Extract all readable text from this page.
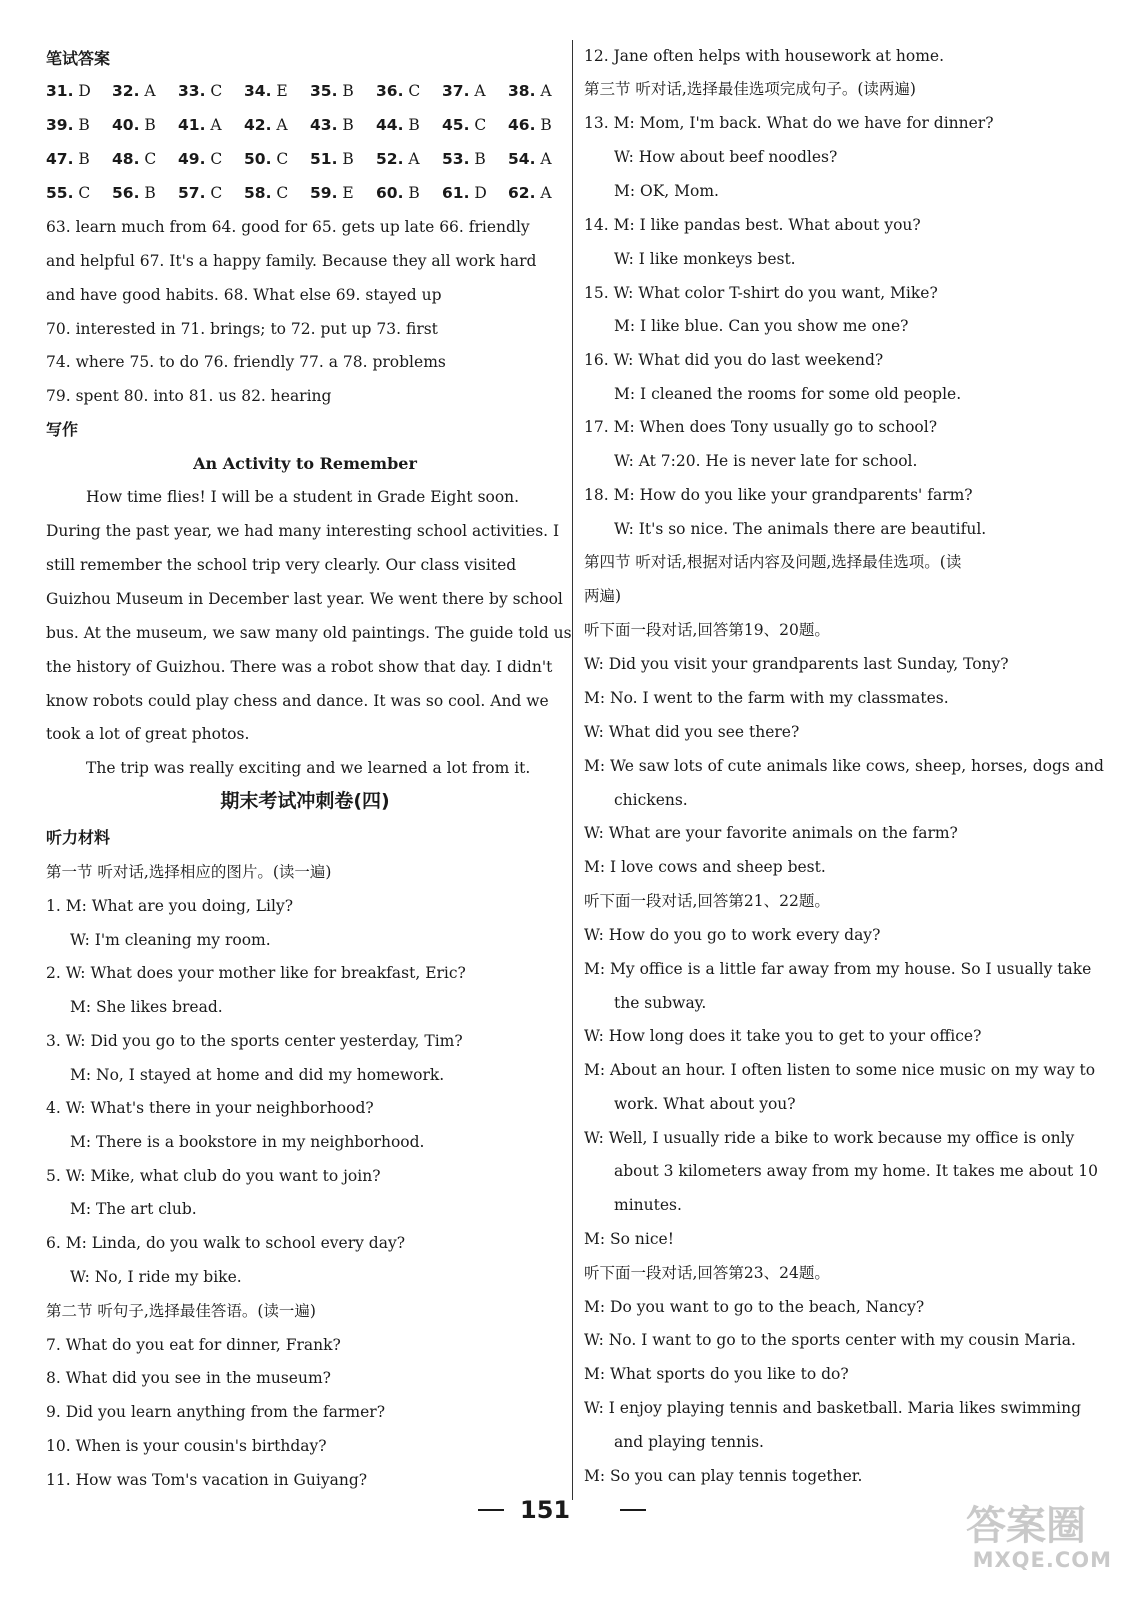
笔试答案
31. D 32. A 33. C 34. E 35. B 36. C 37. A 38. A
39. B 40. B 41. A 42. A 43. B 44. B 45. C 46. B
47. B 48. C 49. C 50. C 51. B 52. A 53. B 54. A
55. C 56. B 57. C 58. C 59. E 60. B 61. D 62. A
63. learn much from 64. good for 65. gets up late 66. friendly
and helpful 67. It's a happy family. Because they all work hard
and have good habits. 68. What else 69. stayed up
70. interested in 71. brings; to 72. put up 73. first
74. where 75. to do 76. friendly 77. a 78. problems
79. spent 80. into 81. us 82. hearing
写作
An Activity to Remember
How time flies! I will be a student in Grade Eight soon.
During the past year, we had many interesting school activities. I
still remember the school trip very clearly. Our class visited
Guizhou Museum in December last year. We went there by school
bus. At the museum, we saw many old paintings. The guide told us
the history of Guizhou. There was a robot show that day. I didn't
know robots could play chess and dance. It was so cool. And we
took a lot of great photos.
The trip was really exciting and we learned a lot from it.
期末考试冲刺卷(四)
听力材料
第一节 听对话,选择相应的图片。(读一遍)
1. M: What are you doing, Lily?
W: I'm cleaning my room.
2. W: What does your mother like for breakfast, Eric?
M: She likes bread.
3. W: Did you go to the sports center yesterday, Tim?
M: No, I stayed at home and did my homework.
4. W: What's there in your neighborhood?
M: There is a bookstore in my neighborhood.
5. W: Mike, what club do you want to join?
M: The art club.
6. M: Linda, do you walk to school every day?
W: No, I ride my bike.
第二节 听句子,选择最佳答语。(读一遍)
7. What do you eat for dinner, Frank?
8. What did you see in the museum?
9. Did you learn anything from the farmer?
10. When is your cousin's birthday?
11. How was Tom's vacation in Guiyang?
12. Jane often helps with housework at home.
第三节 听对话,选择最佳选项完成句子。(读两遍)
13. M: Mom, I'm back. What do we have for dinner?
W: How about beef noodles?
M: OK, Mom.
14. M: I like pandas best. What about you?
W: I like monkeys best.
15. W: What color T-shirt do you want, Mike?
M: I like blue. Can you show me one?
16. W: What did you do last weekend?
M: I cleaned the rooms for some old people.
17. M: When does Tony usually go to school?
W: At 7:20. He is never late for school.
18. M: How do you like your grandparents' farm?
W: It's so nice. The animals there are beautiful.
第四节 听对话,根据对话内容及问题,选择最佳选项。(读
两遍)
听下面一段对话,回答第19、20题。
W: Did you visit your grandparents last Sunday, Tony?
M: No. I went to the farm with my classmates.
W: What did you see there?
M: We saw lots of cute animals like cows, sheep, horses, dogs and
chickens.
W: What are your favorite animals on the farm?
M: I love cows and sheep best.
听下面一段对话,回答第21、22题。
W: How do you go to work every day?
M: My office is a little far away from my house. So I usually take
the subway.
W: How long does it take you to get to your office?
M: About an hour. I often listen to some nice music on my way to
work. What about you?
W: Well, I usually ride a bike to work because my office is only
about 3 kilometers away from my home. It takes me about 10
minutes.
M: So nice!
听下面一段对话,回答第23、24题。
M: Do you want to go to the beach, Nancy?
W: No. I want to go to the sports center with my cousin Maria.
M: What sports do you like to do?
W: I enjoy playing tennis and basketball. Maria likes swimming
and playing tennis.
M: So you can play tennis together.
151	答案圈
MXQE.COM
